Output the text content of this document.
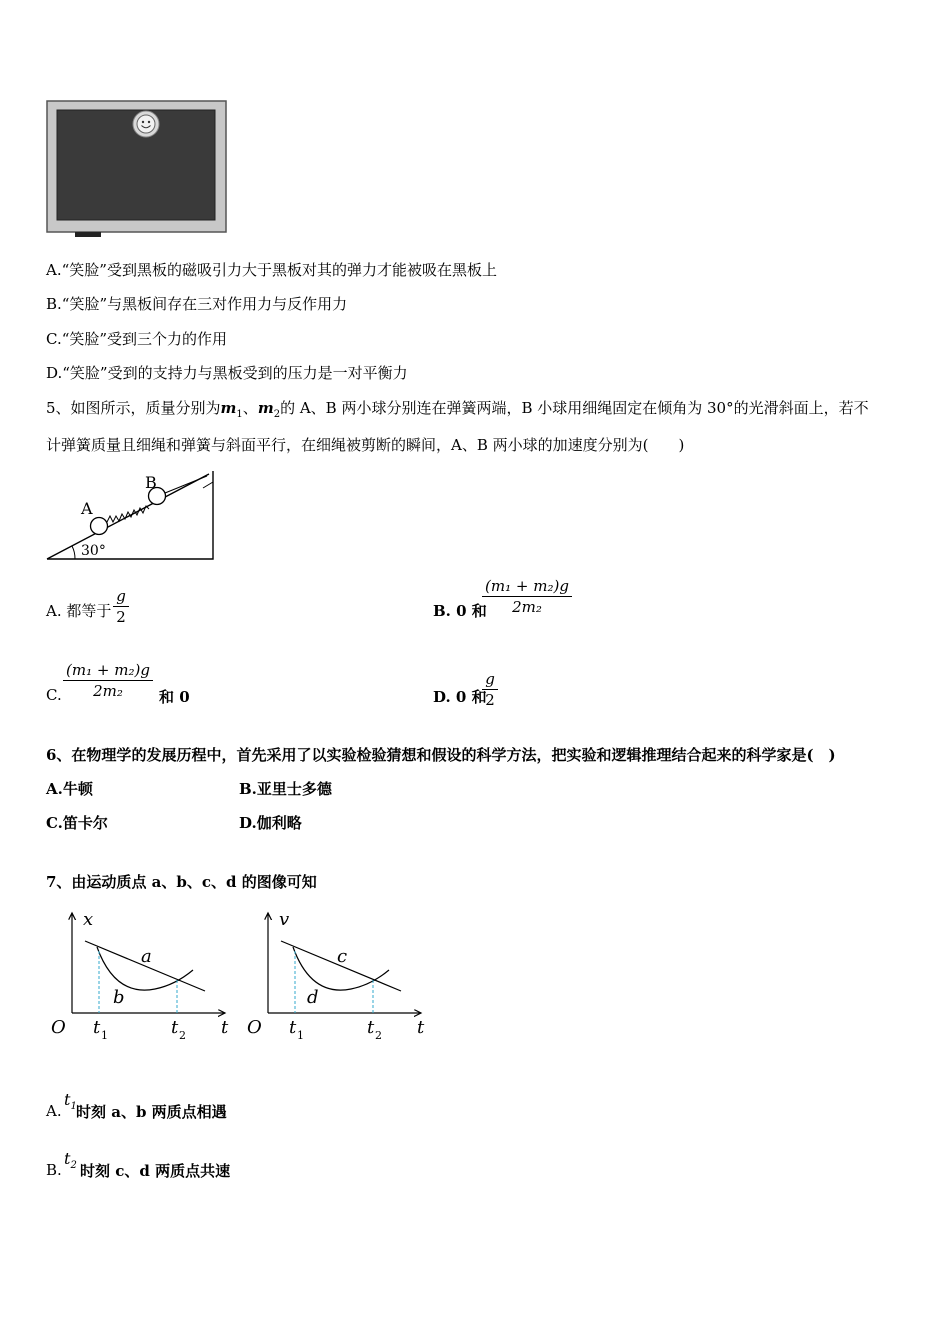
A.“笑脸”受到黑板的磁吸引力大于黑板对其的弹力才能被吸在黑板上
B.“笑脸”与黑板间存在三对作用力与反作用力
C.“笑脸”受到三个力的作用
D.“笑脸”受到的支持力与黑板受到的压力是一对平衡力
5、如图所示，质量分别为$m_1$、$m_2$的 A、B 两小球分别连在弹簧两端，B 小球用细绳固定在倾角为 30°的光滑斜面上，若不
计弹簧质量且细绳和弹簧与斜面平行，在细绳被剪断的瞬间，A、B 两小球的加速度分别为(　　)
A
B
30°
A. 都等于
g
2	B. 0 和
(m₁ + m₂)g
2m₂
C.
(m₁ + m₂)g
2m₂	和 0	D. 0 和
g
2
6、在物理学的发展历程中，首先采用了以实验检验猜想和假设的科学方法，把实验和逻辑推理结合起来的科学家是(　)
A.牛顿	B.亚里士多德
C.笛卡尔	D.伽利略
7、由运动质点 a、b、c、d 的图像可知
x
t
O
a
b
t 1	t 2
v
t
O
c
d
t 1	t 2
A.
$t_1$ 时刻 a、b 两质点相遇
B.
$t_2$ 时刻 c、d 两质点共速
